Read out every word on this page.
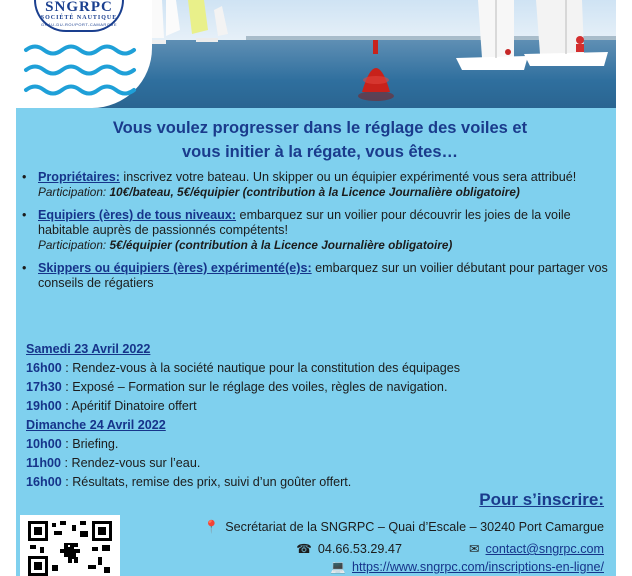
SNGRPC
SOCIÉTÉ NAUTIQUE
GRAU-DU-ROI/PORT-CAMARGUE

Vous voulez progresser dans le réglage des voiles et
vous initier à la régate, vous êtes…

• Propriétaires: inscrivez votre bateau. Un skipper ou un équipier expérimenté vous sera attribué!
Participation: 10€/bateau, 5€/équipier (contribution à la Licence Journalière obligatoire)
• Equipiers (ères) de tous niveaux: embarquez sur un voilier pour découvrir les joies de la voile habitable auprès de passionnés compétents!
Participation: 5€/équipier (contribution à la Licence Journalière obligatoire)
• Skippers ou équipiers (ères) expérimenté(e)s: embarquez sur un voilier débutant pour partager vos conseils de régatiers
Samedi 23 Avril 2022
16h00 : Rendez-vous à la société nautique pour la constitution des équipages
17h30 : Exposé – Formation sur le réglage des voiles, règles de navigation.
19h00 : Apéritif Dinatoire offert
Dimanche 24 Avril 2022
10h00 : Briefing.
11h00 : Rendez-vous sur l’eau.
16h00 : Résultats, remise des prix, suivi d’un goûter offert.
Pour s’inscrire:
📍 Secrétariat de la SNGRPC – Quai d’Escale – 30240 Port Camargue
☎ 04.66.53.29.47	✉ contact@sngrpc.com
💻 https://www.sngrpc.com/inscriptions-en-ligne/
